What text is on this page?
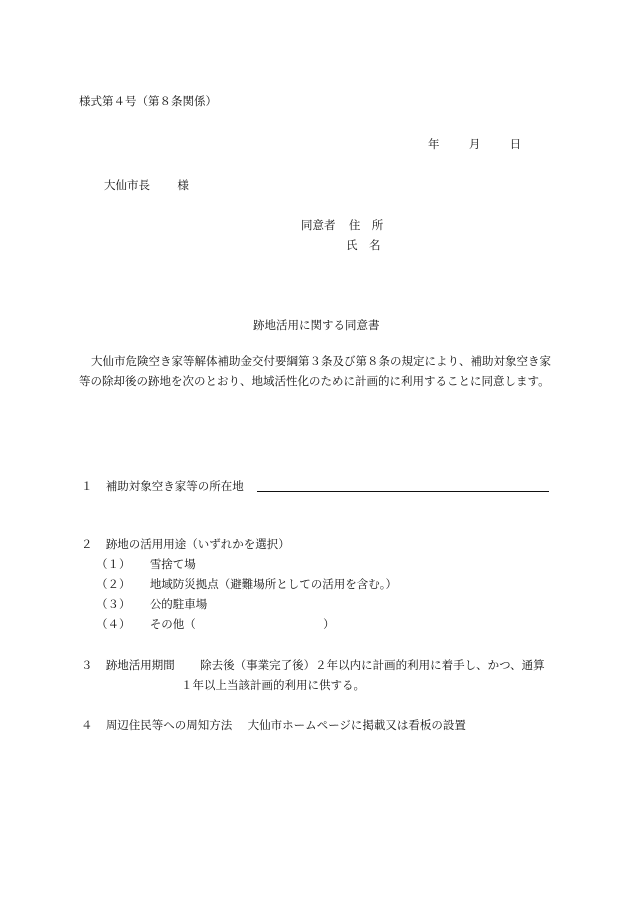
様式第４号（第８条関係）
年	月	日
大仙市長 様
同意者 住　所
氏　名
跡地活用に関する同意書

大仙市危険空き家等解体補助金交付要綱第３条及び第８条の規定により、補助対象空き家等の除却後の跡地を次のとおり、地域活性化のために計画的に利用することに同意します。

１ 補助対象空き家等の所在地
２ 跡地の活用用途（いずれかを選択）
（１） 雪捨て場
（２） 地域防災拠点（避難場所としての活用を含む。）
（３） 公的駐車場
（４） その他（	）
３ 跡地活用期間 除去後（事業完了後）２年以内に計画的利用に着手し、かつ、通算
１年以上当該計画的利用に供する。
４ 周辺住民等への周知方法 大仙市ホームページに掲載又は看板の設置
